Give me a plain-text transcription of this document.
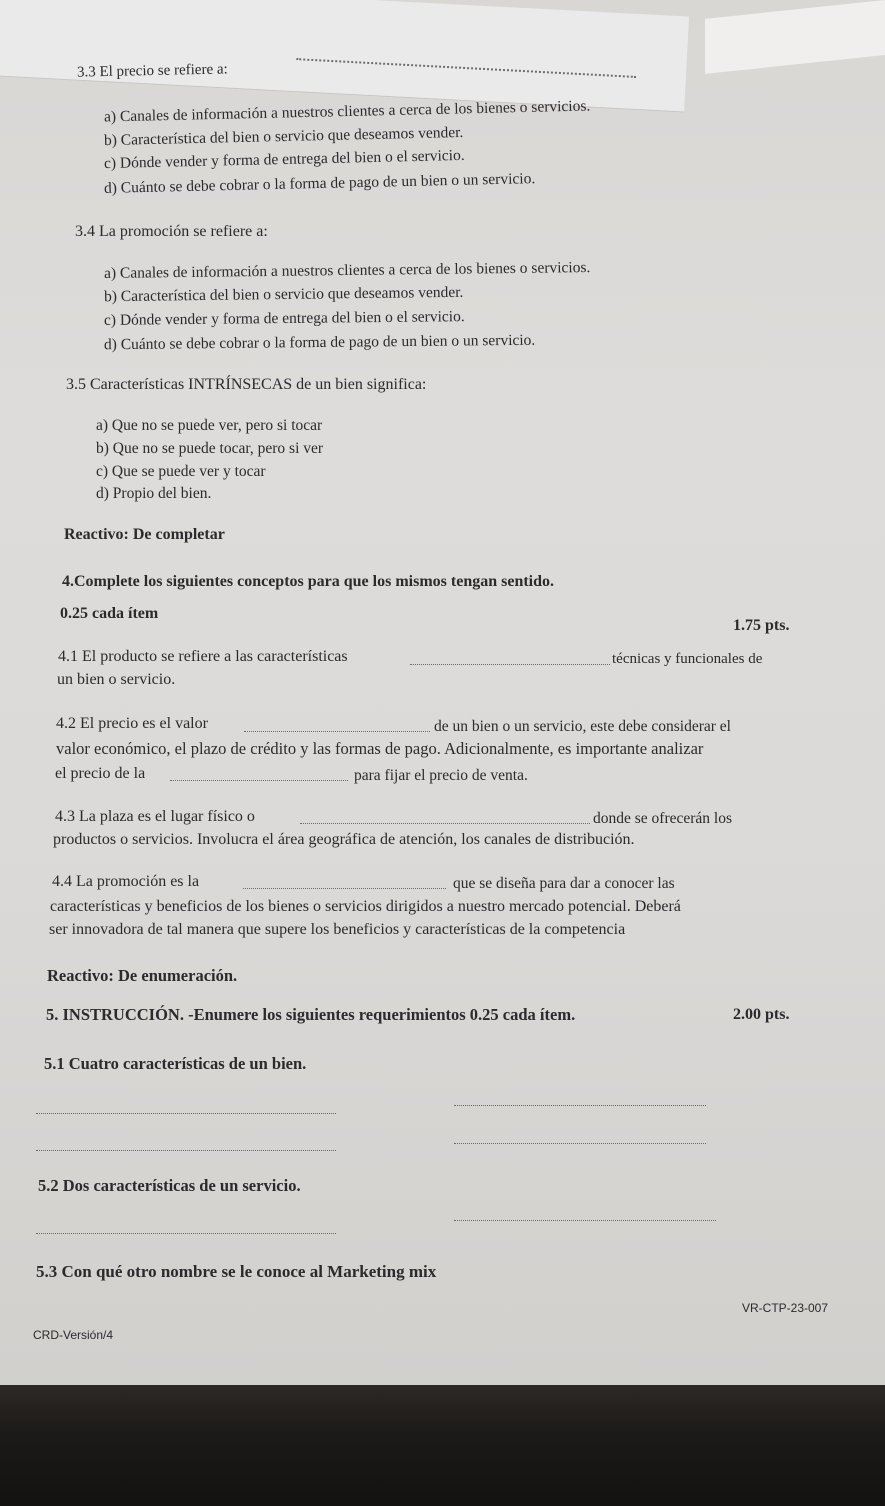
3.3 El precio se refiere a:
a) Canales de información a nuestros clientes a cerca de los bienes o servicios.
b) Característica del bien o servicio que deseamos vender.
c) Dónde vender y forma de entrega del bien o el servicio.
d) Cuánto se debe cobrar o la forma de pago de un bien o un servicio.
3.4 La promoción se refiere a:
a) Canales de información a nuestros clientes a cerca de los bienes o servicios.
b) Característica del bien o servicio que deseamos vender.
c) Dónde vender y forma de entrega del bien o el servicio.
d) Cuánto se debe cobrar o la forma de pago de un bien o un servicio.
3.5 Características INTRÍNSECAS de un bien significa:
a) Que no se puede ver, pero si tocar
b) Que no se puede tocar, pero si ver
c) Que se puede ver y tocar
d) Propio del bien.
Reactivo: De completar
4.Complete los siguientes conceptos para que los mismos tengan sentido.
0.25 cada ítem
1.75 pts.
4.1 El producto se refiere a las características	técnicas y funcionales de
un bien o servicio.
4.2 El precio es el valor	de un bien o un servicio, este debe considerar el
valor económico, el plazo de crédito y las formas de pago. Adicionalmente, es importante analizar
el precio de la	para fijar el precio de venta.
4.3 La plaza es el lugar físico o	donde se ofrecerán los
productos o servicios. Involucra el área geográfica de atención, los canales de distribución.
4.4 La promoción es la	que se diseña para dar a conocer las
características y beneficios de los bienes o servicios dirigidos a nuestro mercado potencial. Deberá
ser innovadora de tal manera que supere los beneficios y características de la competencia
Reactivo: De enumeración.
5. INSTRUCCIÓN. -Enumere los siguientes requerimientos 0.25 cada ítem.	2.00 pts.
5.1 Cuatro características de un bien.
5.2 Dos características de un servicio.
5.3 Con qué otro nombre se le conoce al Marketing mix
VR-CTP-23-007
CRD-Versión/4
